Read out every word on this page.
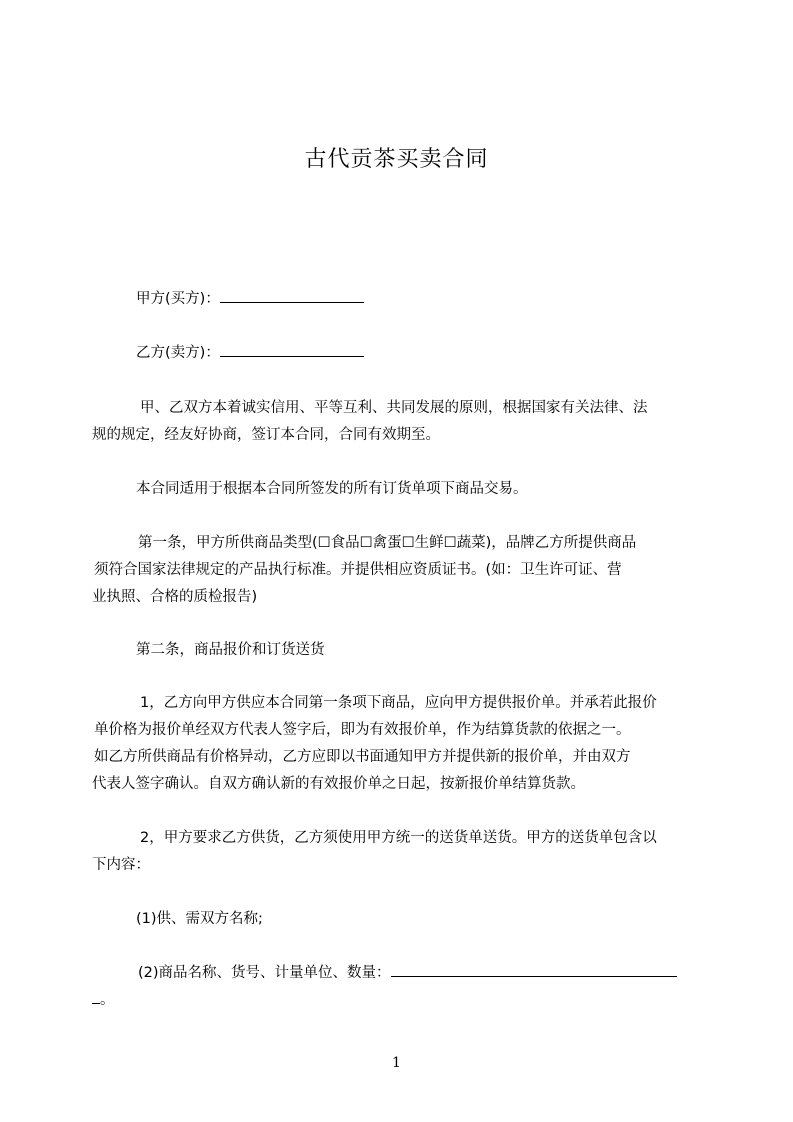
古代贡茶买卖合同
甲方(买方)：
乙方(卖方)：
甲、乙双方本着诚实信用、平等互利、共同发展的原则，根据国家有关法律、法
规的规定，经友好协商，签订本合同，合同有效期至。
本合同适用于根据本合同所签发的所有订货单项下商品交易。
第一条，甲方所供商品类型(☐食品☐禽蛋☐生鲜☐蔬菜)，品牌乙方所提供商品
须符合国家法律规定的产品执行标准。并提供相应资质证书。(如：卫生许可证、营
业执照、合格的质检报告)
第二条，商品报价和订货送货
1，乙方向甲方供应本合同第一条项下商品，应向甲方提供报价单。并承若此报价
单价格为报价单经双方代表人签字后，即为有效报价单，作为结算货款的依据之一。
如乙方所供商品有价格异动，乙方应即以书面通知甲方并提供新的报价单，并由双方
代表人签字确认。自双方确认新的有效报价单之日起，按新报价单结算货款。
2，甲方要求乙方供货，乙方须使用甲方统一的送货单送货。甲方的送货单包含以
下内容：
(1)供、需双方名称;
(2)商品名称、货号、计量单位、数量：
。
1
